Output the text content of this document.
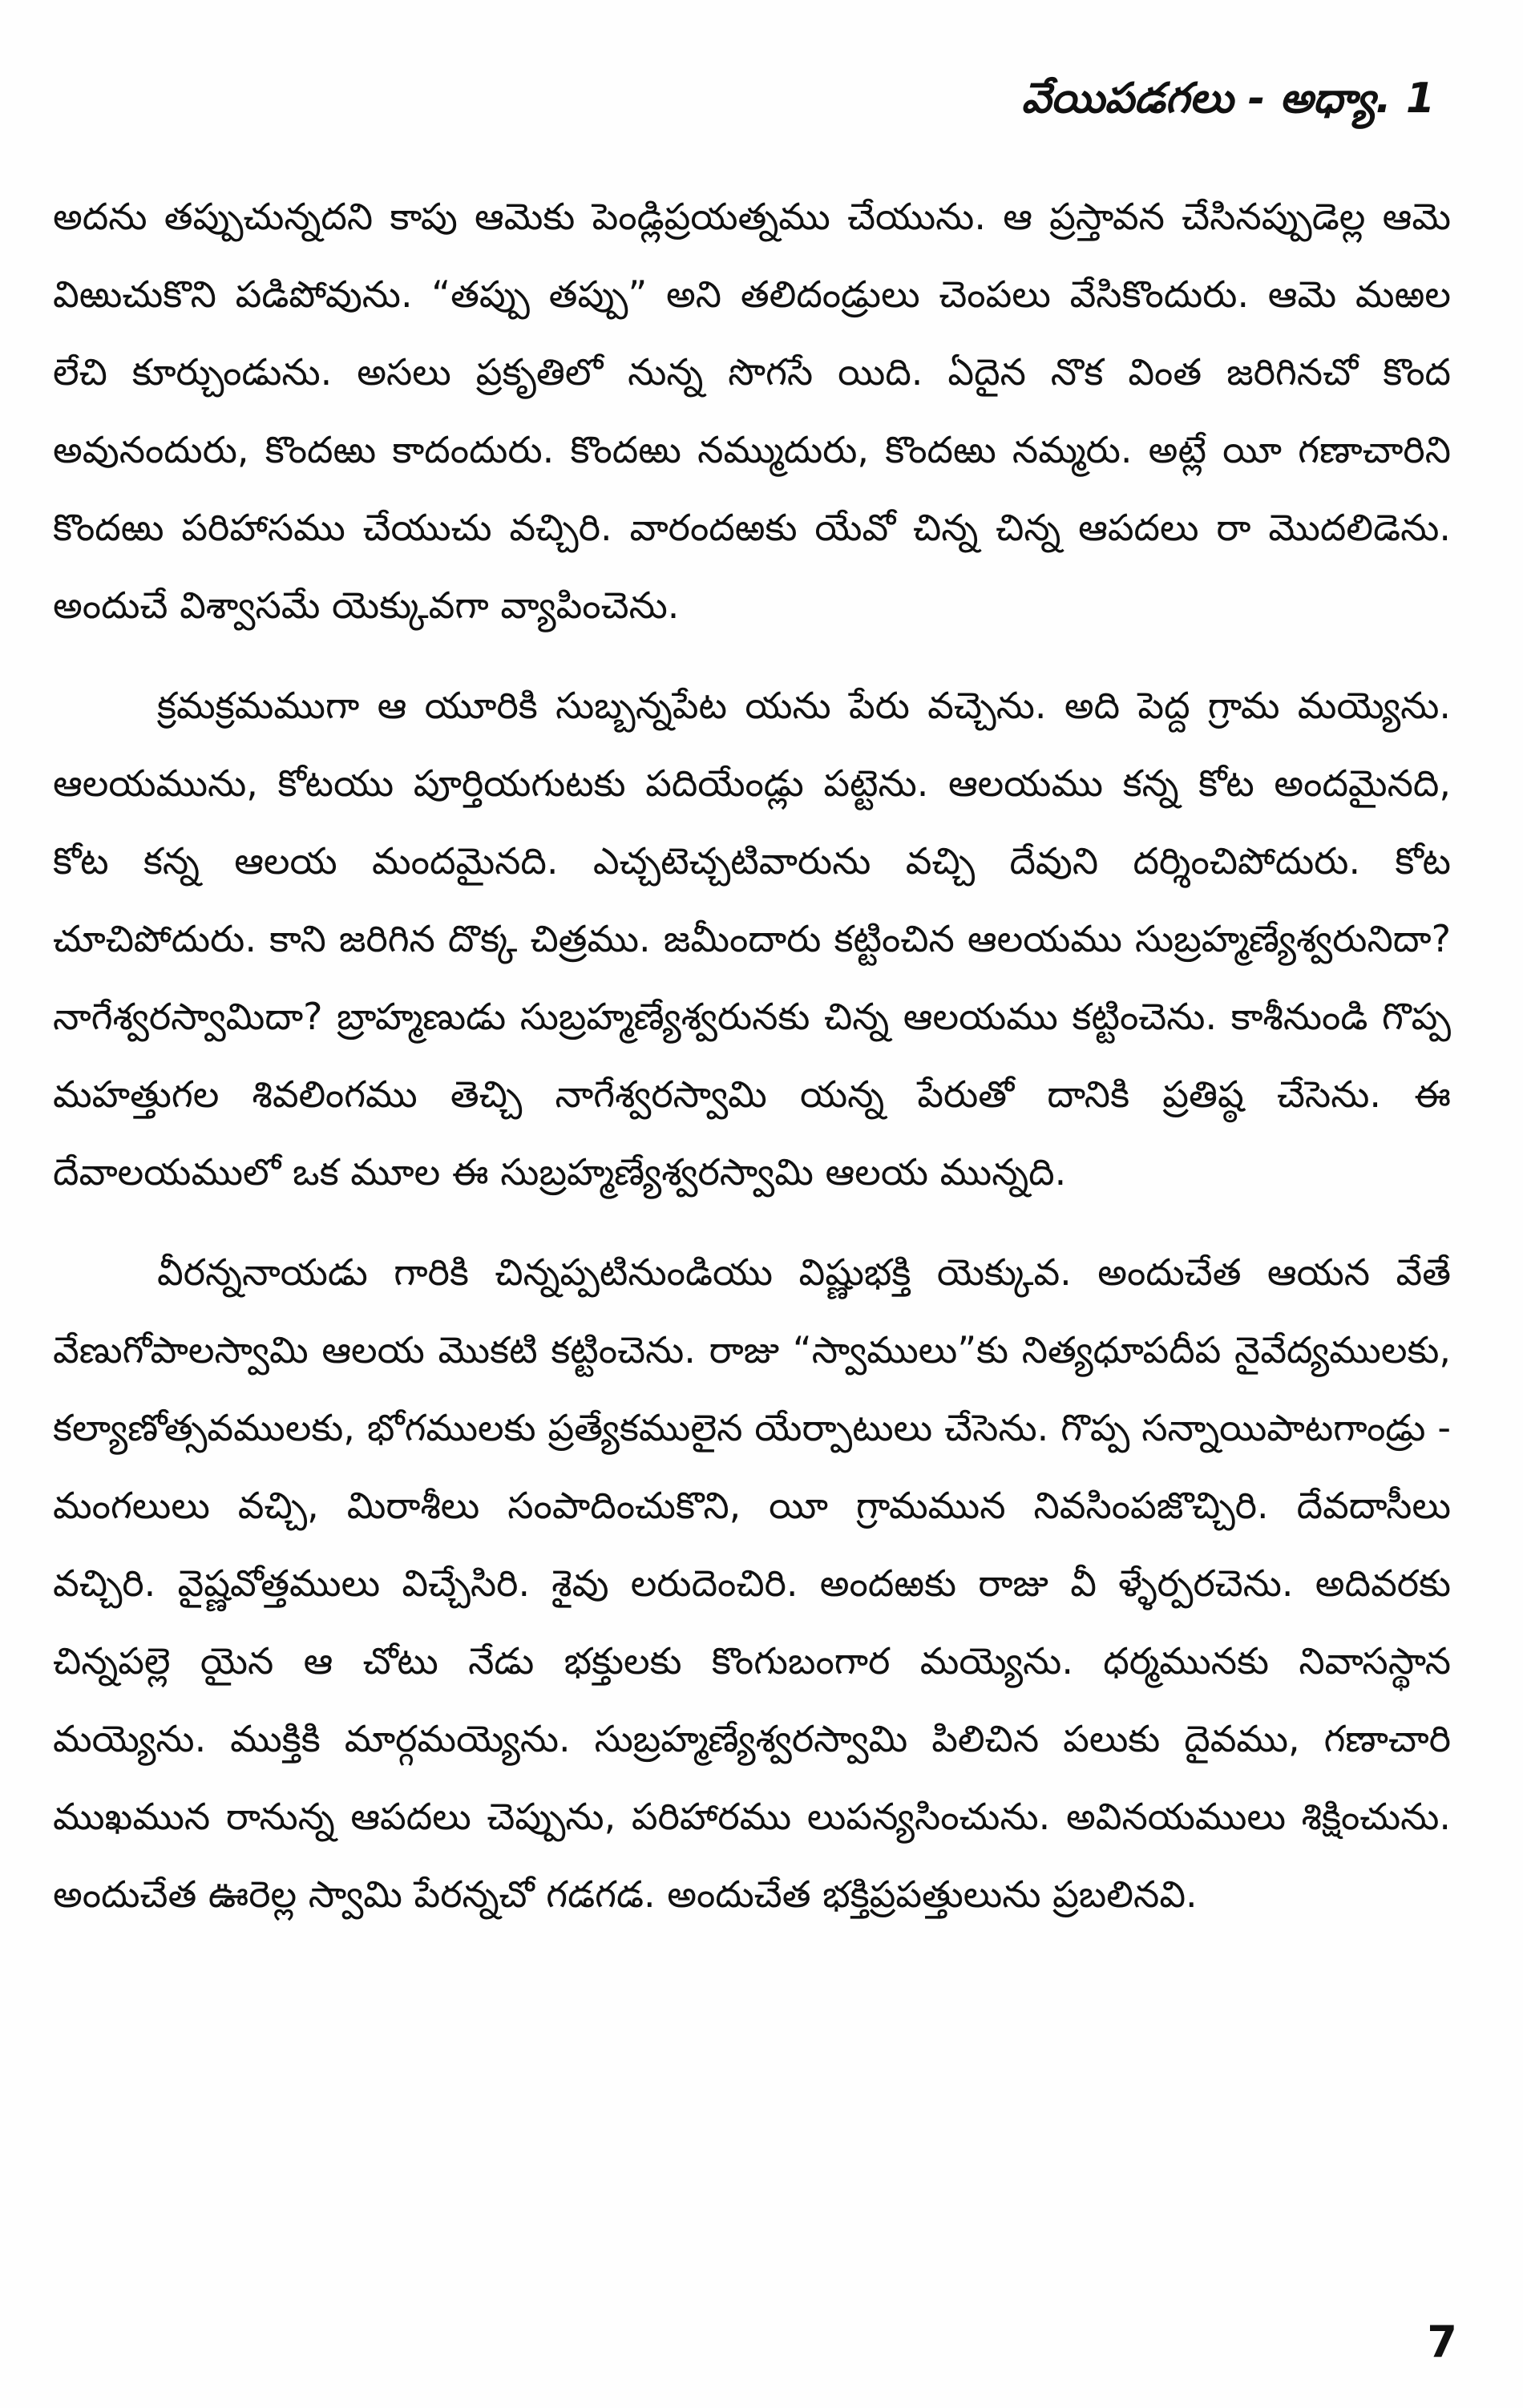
వేయిపడగలు - అధ్యా. 1

అదను తప్పుచున్నదని కాపు ఆమెకు పెండ్లిప్రయత్నము చేయును. ఆ ప్రస్తావన చేసినప్పుడెల్ల ఆమె విఱుచుకొని పడిపోవును. “తప్పు తప్పు” అని తలిదండ్రులు చెంపలు వేసికొందురు. ఆమె మఱల లేచి కూర్చుండును. అసలు ప్రకృతిలో నున్న సొగసే యిది. ఏదైన నొక వింత జరిగినచో కొంద అవునందురు, కొందఱు కాదందురు. కొందఱు నమ్ముదురు, కొందఱు నమ్మరు. అట్లే యీ గణాచారిని కొందఱు పరిహాసము చేయుచు వచ్చిరి. వారందఱకు యేవో చిన్న చిన్న ఆపదలు రా మొదలిడెను. అందుచే విశ్వాసమే యెక్కువగా వ్యాపించెను.

క్రమక్రమముగా ఆ యూరికి సుబ్బన్నపేట యను పేరు వచ్చెను. అది పెద్ద గ్రామ మయ్యెను. ఆలయమును, కోటయు పూర్తియగుటకు పదియేండ్లు పట్టెను. ఆలయము కన్న కోట అందమైనది, కోట కన్న ఆలయ మందమైనది. ఎచ్చటెచ్చటివారును వచ్చి దేవుని దర్శించిపోదురు. కోట చూచిపోదురు. కాని జరిగిన దొక్క చిత్రము. జమీందారు కట్టించిన ఆలయము సుబ్రహ్మణ్యేశ్వరునిదా? నాగేశ్వరస్వామిదా? బ్రాహ్మణుడు సుబ్రహ్మణ్యేశ్వరునకు చిన్న ఆలయము కట్టించెను. కాశీనుండి గొప్ప మహత్తుగల శివలింగము తెచ్చి నాగేశ్వరస్వామి యన్న పేరుతో దానికి ప్రతిష్ఠ చేసెను. ఈ దేవాలయములో ఒక మూల ఈ సుబ్రహ్మణ్యేశ్వరస్వామి ఆలయ మున్నది.

వీరన్ననాయడు గారికి చిన్నప్పటినుండియు విష్ణుభక్తి యెక్కువ. అందుచేత ఆయన వేతే వేణుగోపాలస్వామి ఆలయ మొకటి కట్టించెను. రాజు “స్వాములు”కు నిత్యధూపదీప నైవేద్యములకు, కల్యాణోత్సవములకు, భోగములకు ప్రత్యేకములైన యేర్పాటులు చేసెను. గొప్ప సన్నాయిపాటగాండ్రు - మంగలులు వచ్చి, మిరాశీలు సంపాదించుకొని, యీ గ్రామమున నివసింపజొచ్చిరి. దేవదాసీలు వచ్చిరి. వైష్ణవోత్తములు విచ్చేసిరి. శైవు లరుదెంచిరి. అందఱకు రాజు వీ ళ్ళేర్పరచెను. అదివరకు చిన్నపల్లె యైన ఆ చోటు నేడు భక్తులకు కొంగుబంగార మయ్యెను. ధర్మమునకు నివాసస్థాన మయ్యెను. ముక్తికి మార్గమయ్యెను. సుబ్రహ్మణ్యేశ్వరస్వామి పిలిచిన పలుకు దైవము, గణాచారి ముఖమున రానున్న ఆపదలు చెప్పును, పరిహారము లుపన్యసించును. అవినయములు శిక్షించును. అందుచేత ఊరెల్ల స్వామి పేరన్నచో గడగడ. అందుచేత భక్తిప్రపత్తులును ప్రబలినవి.

7
